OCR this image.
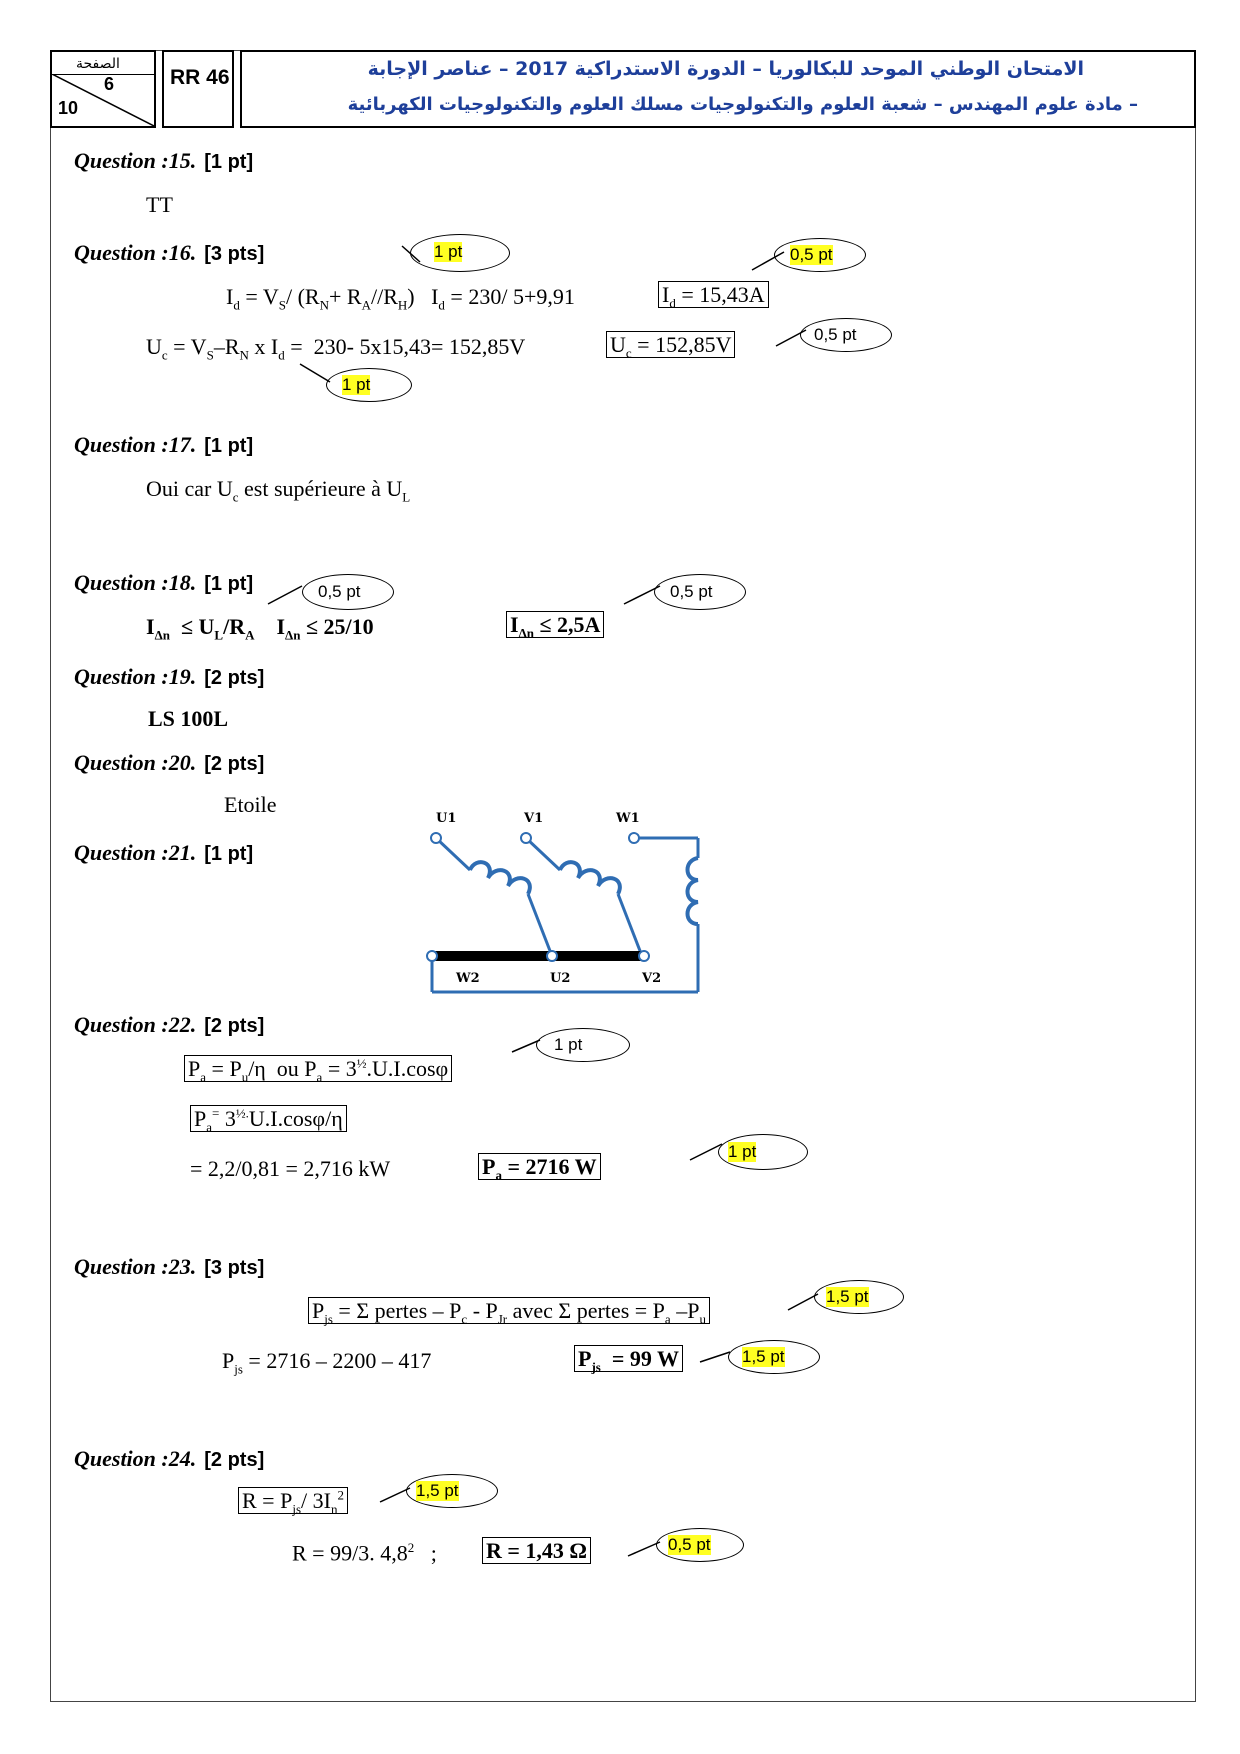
الصفحة
6
10
RR 46	الامتحان الوطني الموحد للبكالوريا – الدورة الاستدراكية 2017 – عناصر الإجابة
– مادة علوم المهندس – شعبة العلوم والتكنولوجيات مسلك العلوم والتكنولوجيات الكهربائية
Question :15. [1 pt]
TT
Question :16. [3 pts]
$I_d = V_S/$ $(R_N+ R_A//R_H) I_d = 230/$ 5+9,91	$I_d = 15,43A$
$U_c = V_S-R_N$ x $I_d = 230-$ 5x15,43= 152,85V	$U_c = 152,85V$
Question :17. [1 pt]
Oui car $U_c$ est supérieure à $U_L$
Question :18. [1 pt]
$I_{\Delta n} \le U_L/R_A$    $I_{\Delta n} \le 25/10$	$I_{\Delta n} \le 2,5A$
Question :19. [2 pts]
LS 100L
Question :20. [2 pts]
Etoile
Question :21. [1 pt]
U1	V1	W1
W2	U2	V2
Question :22. [2 pts]
$P_a = P_u/\eta$  ou $P_a = 3^{\frac{1}{2}}.U.I.\cos\varphi$
$P_a^=$ $3^{\frac{1}{2}.}U.I.\cos\varphi/\eta$
= 2,2/0,81 = 2,716 kW	$P_a = 2716$ W
Question :23. [3 pts]
$P_{js} = \Sigma$ pertes – $P_c - P_{Jr}$ avec Σ pertes = $P_a$ $-P_u$
$P_{js} = 2716 - 2200 - 417$	$P_{js} = 99$ W
Question :24. [2 pts]
$R = P_{js}/$ $3I_n^2$
R = 99/3. $4,8^2$   ; R = 1,43 Ω
1 pt	0,5 pt
0,5 pt
1 pt
0,5 pt	0,5 pt
1 pt
1 pt
1,5 pt
1,5 pt
1,5 pt
0,5 pt
